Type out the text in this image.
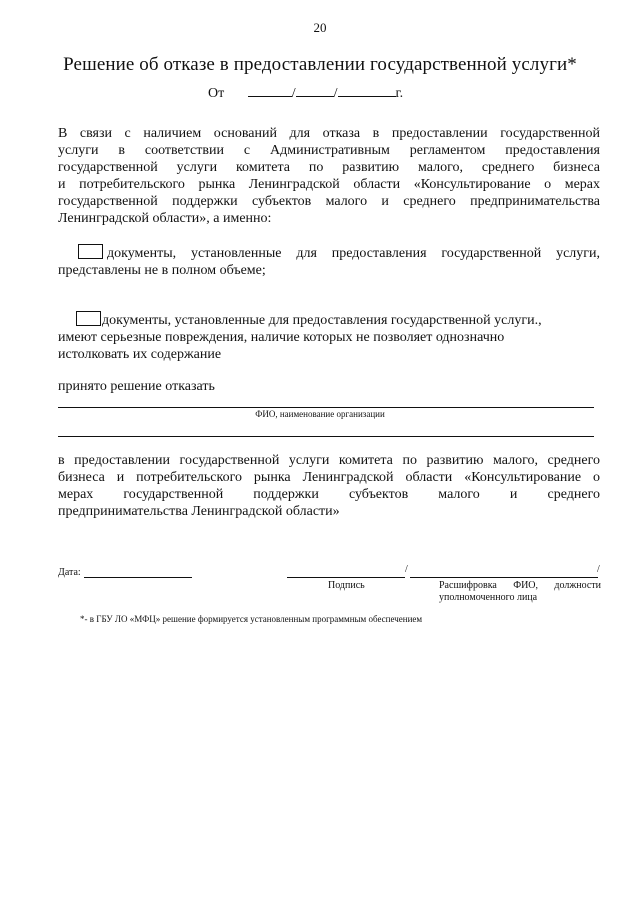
20
Решение об отказе в предоставлении государственной услуги*
От	/	/	г.
В связи с наличием оснований для отказа в предоставлении государственной
услуги в соответствии с Административным регламентом предоставления
государственной услуги комитета по развитию малого, среднего бизнеса
и потребительского рынка Ленинградской области «Консультирование о мерах
государственной поддержки субъектов малого и среднего предпринимательства
Ленинградской области», а именно:
документы, установленные для предоставления государственной услуги,
представлены не в полном объеме;
документы, установленные для предоставления государственной услуги.,
имеют серьезные повреждения, наличие которых не позволяет однозначно
истолковать их содержание
принято решение отказать
ФИО, наименование организации
в предоставлении государственной услуги комитета по развитию малого, среднего
бизнеса и потребительского рынка Ленинградской области «Консультирование о
мерах государственной поддержки субъектов малого и среднего
предпринимательства Ленинградской области»
Дата:	/	/
Подпись	Расшифровка ФИО, должности
уполномоченного лица
*- в ГБУ ЛО «МФЦ» решение формируется установленным программным обеспечением
